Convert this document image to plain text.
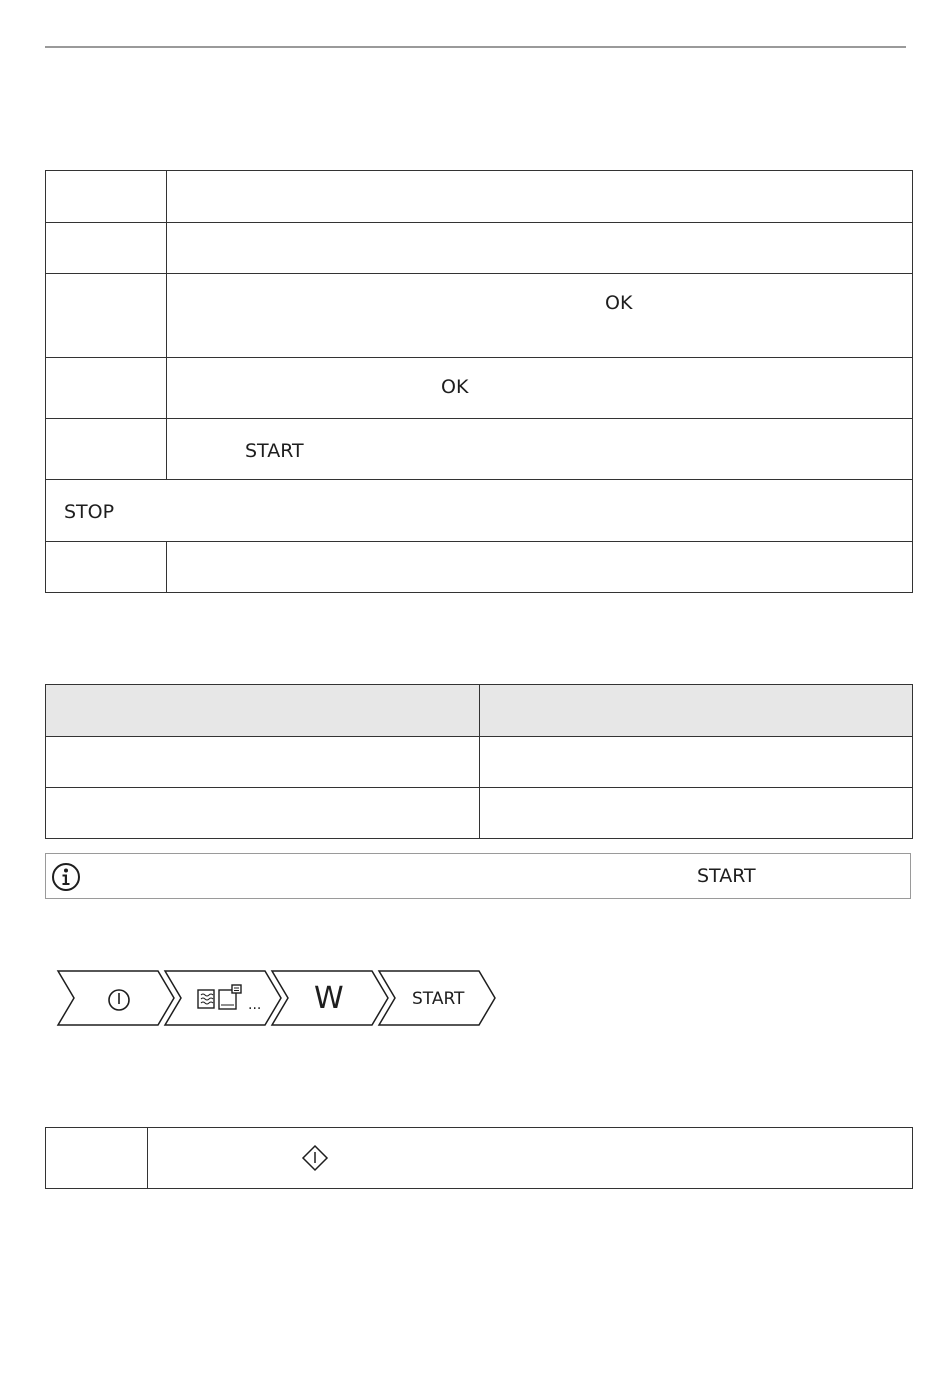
	OK

	OK

	START

STOP	

START
... W	START
